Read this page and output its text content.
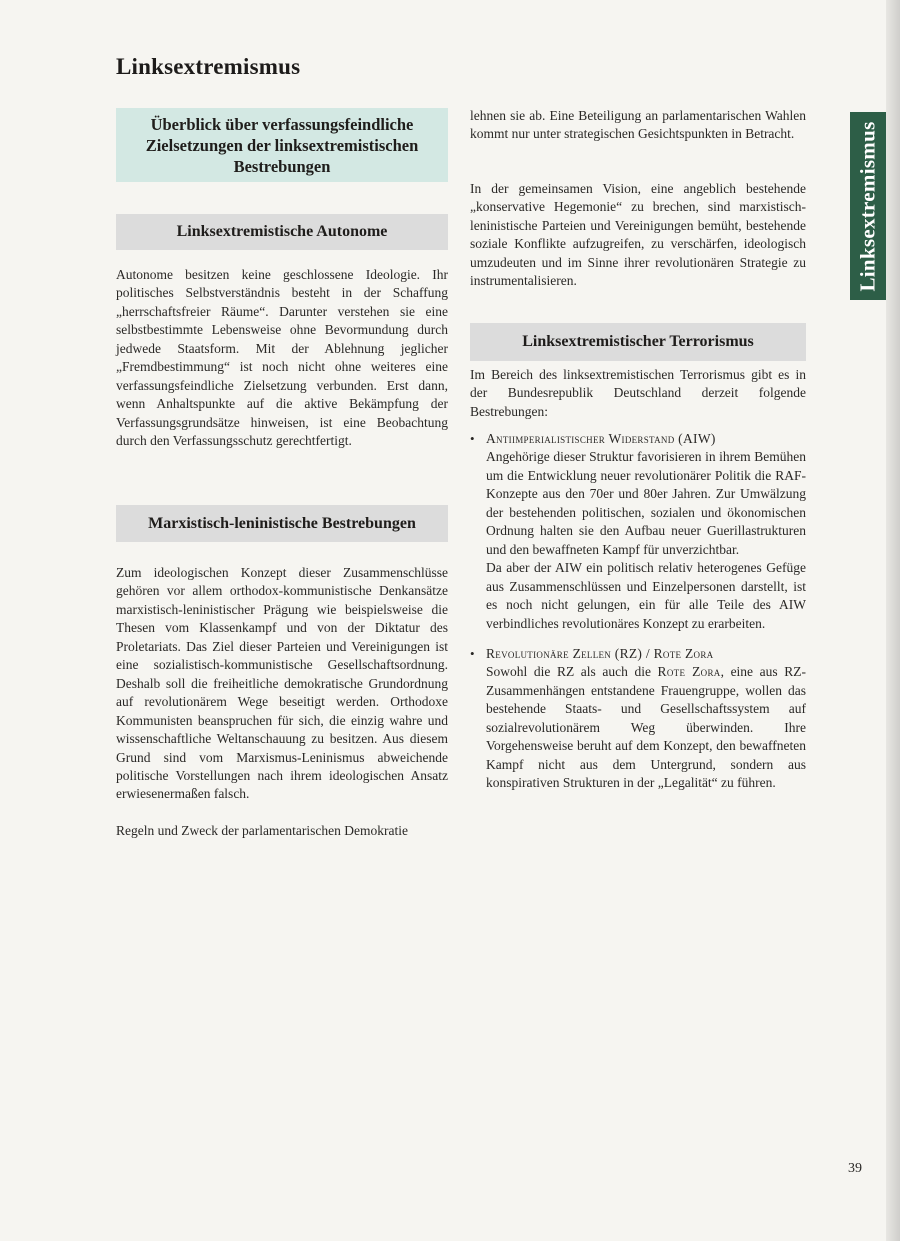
Linksextremismus
Linksextremismus
Überblick über verfassungsfeindliche Zielsetzungen der linksextremistischen Bestrebungen
Linksextremistische Autonome

Autonome besitzen keine geschlossene Ideologie. Ihr politisches Selbstverständnis besteht in der Schaffung „herrschaftsfreier Räume“. Darunter verstehen sie eine selbstbestimmte Lebensweise ohne Bevormundung durch jedwede Staatsform. Mit der Ablehnung jeglicher „Fremdbestimmung“ ist noch nicht ohne weiteres eine verfassungsfeindliche Zielsetzung verbunden. Erst dann, wenn Anhaltspunkte auf die aktive Bekämpfung der Verfassungsgrundsätze hinweisen, ist eine Beobachtung durch den Verfassungsschutz gerechtfertigt.

Marxistisch-leninistische Bestrebungen

Zum ideologischen Konzept dieser Zusammenschlüsse gehören vor allem orthodox-kommunistische Denkansätze marxistisch-leninistischer Prägung wie beispielsweise die Thesen vom Klassenkampf und von der Diktatur des Proletariats. Das Ziel dieser Parteien und Vereinigungen ist eine sozialistisch-kommunistische Gesellschaftsordnung. Deshalb soll die freiheitliche demokratische Grundordnung auf revolutionärem Wege beseitigt werden. Orthodoxe Kommunisten beanspruchen für sich, die einzig wahre und wissenschaftliche Weltanschauung zu besitzen. Aus diesem Grund sind vom Marxismus-Leninismus abweichende politische Vorstellungen nach ihrem ideologischen Ansatz erwiesenermaßen falsch.

Regeln und Zweck der parlamentarischen Demokratie

lehnen sie ab. Eine Beteiligung an parlamentarischen Wahlen kommt nur unter strategischen Gesichtspunkten in Betracht.

In der gemeinsamen Vision, eine angeblich bestehende „konservative Hegemonie“ zu brechen, sind marxistisch-leninistische Parteien und Vereinigungen bemüht, bestehende soziale Konflikte aufzugreifen, zu verschärfen, ideologisch umzudeuten und im Sinne ihrer revolutionären Strategie zu instrumentalisieren.

Linksextremistischer Terrorismus

Im Bereich des linksextremistischen Terrorismus gibt es in der Bundesrepublik Deutschland derzeit folgende Bestrebungen:

• Antiimperialistischer Widerstand (AIW)
Angehörige dieser Struktur favorisieren in ihrem Bemühen um die Entwicklung neuer revolutionärer Politik die RAF-Konzepte aus den 70er und 80er Jahren. Zur Umwälzung der bestehenden politischen, sozialen und ökonomischen Ordnung halten sie den Aufbau neuer Guerillastrukturen und den bewaffneten Kampf für unverzichtbar.
Da aber der AIW ein politisch relativ heterogenes Gefüge aus Zusammenschlüssen und Einzelpersonen darstellt, ist es noch nicht gelungen, ein für alle Teile des AIW verbindliches revolutionäres Konzept zu erarbeiten.
• Revolutionäre Zellen (RZ) / Rote Zora
Sowohl die RZ als auch die Rote Zora, eine aus RZ-Zusammenhängen entstandene Frauengruppe, wollen das bestehende Staats- und Gesellschaftssystem auf sozialrevolutionärem Weg überwinden. Ihre Vorgehensweise beruht auf dem Konzept, den bewaffneten Kampf nicht aus dem Untergrund, sondern aus konspirativen Strukturen in der „Legalität“ zu führen.
39
